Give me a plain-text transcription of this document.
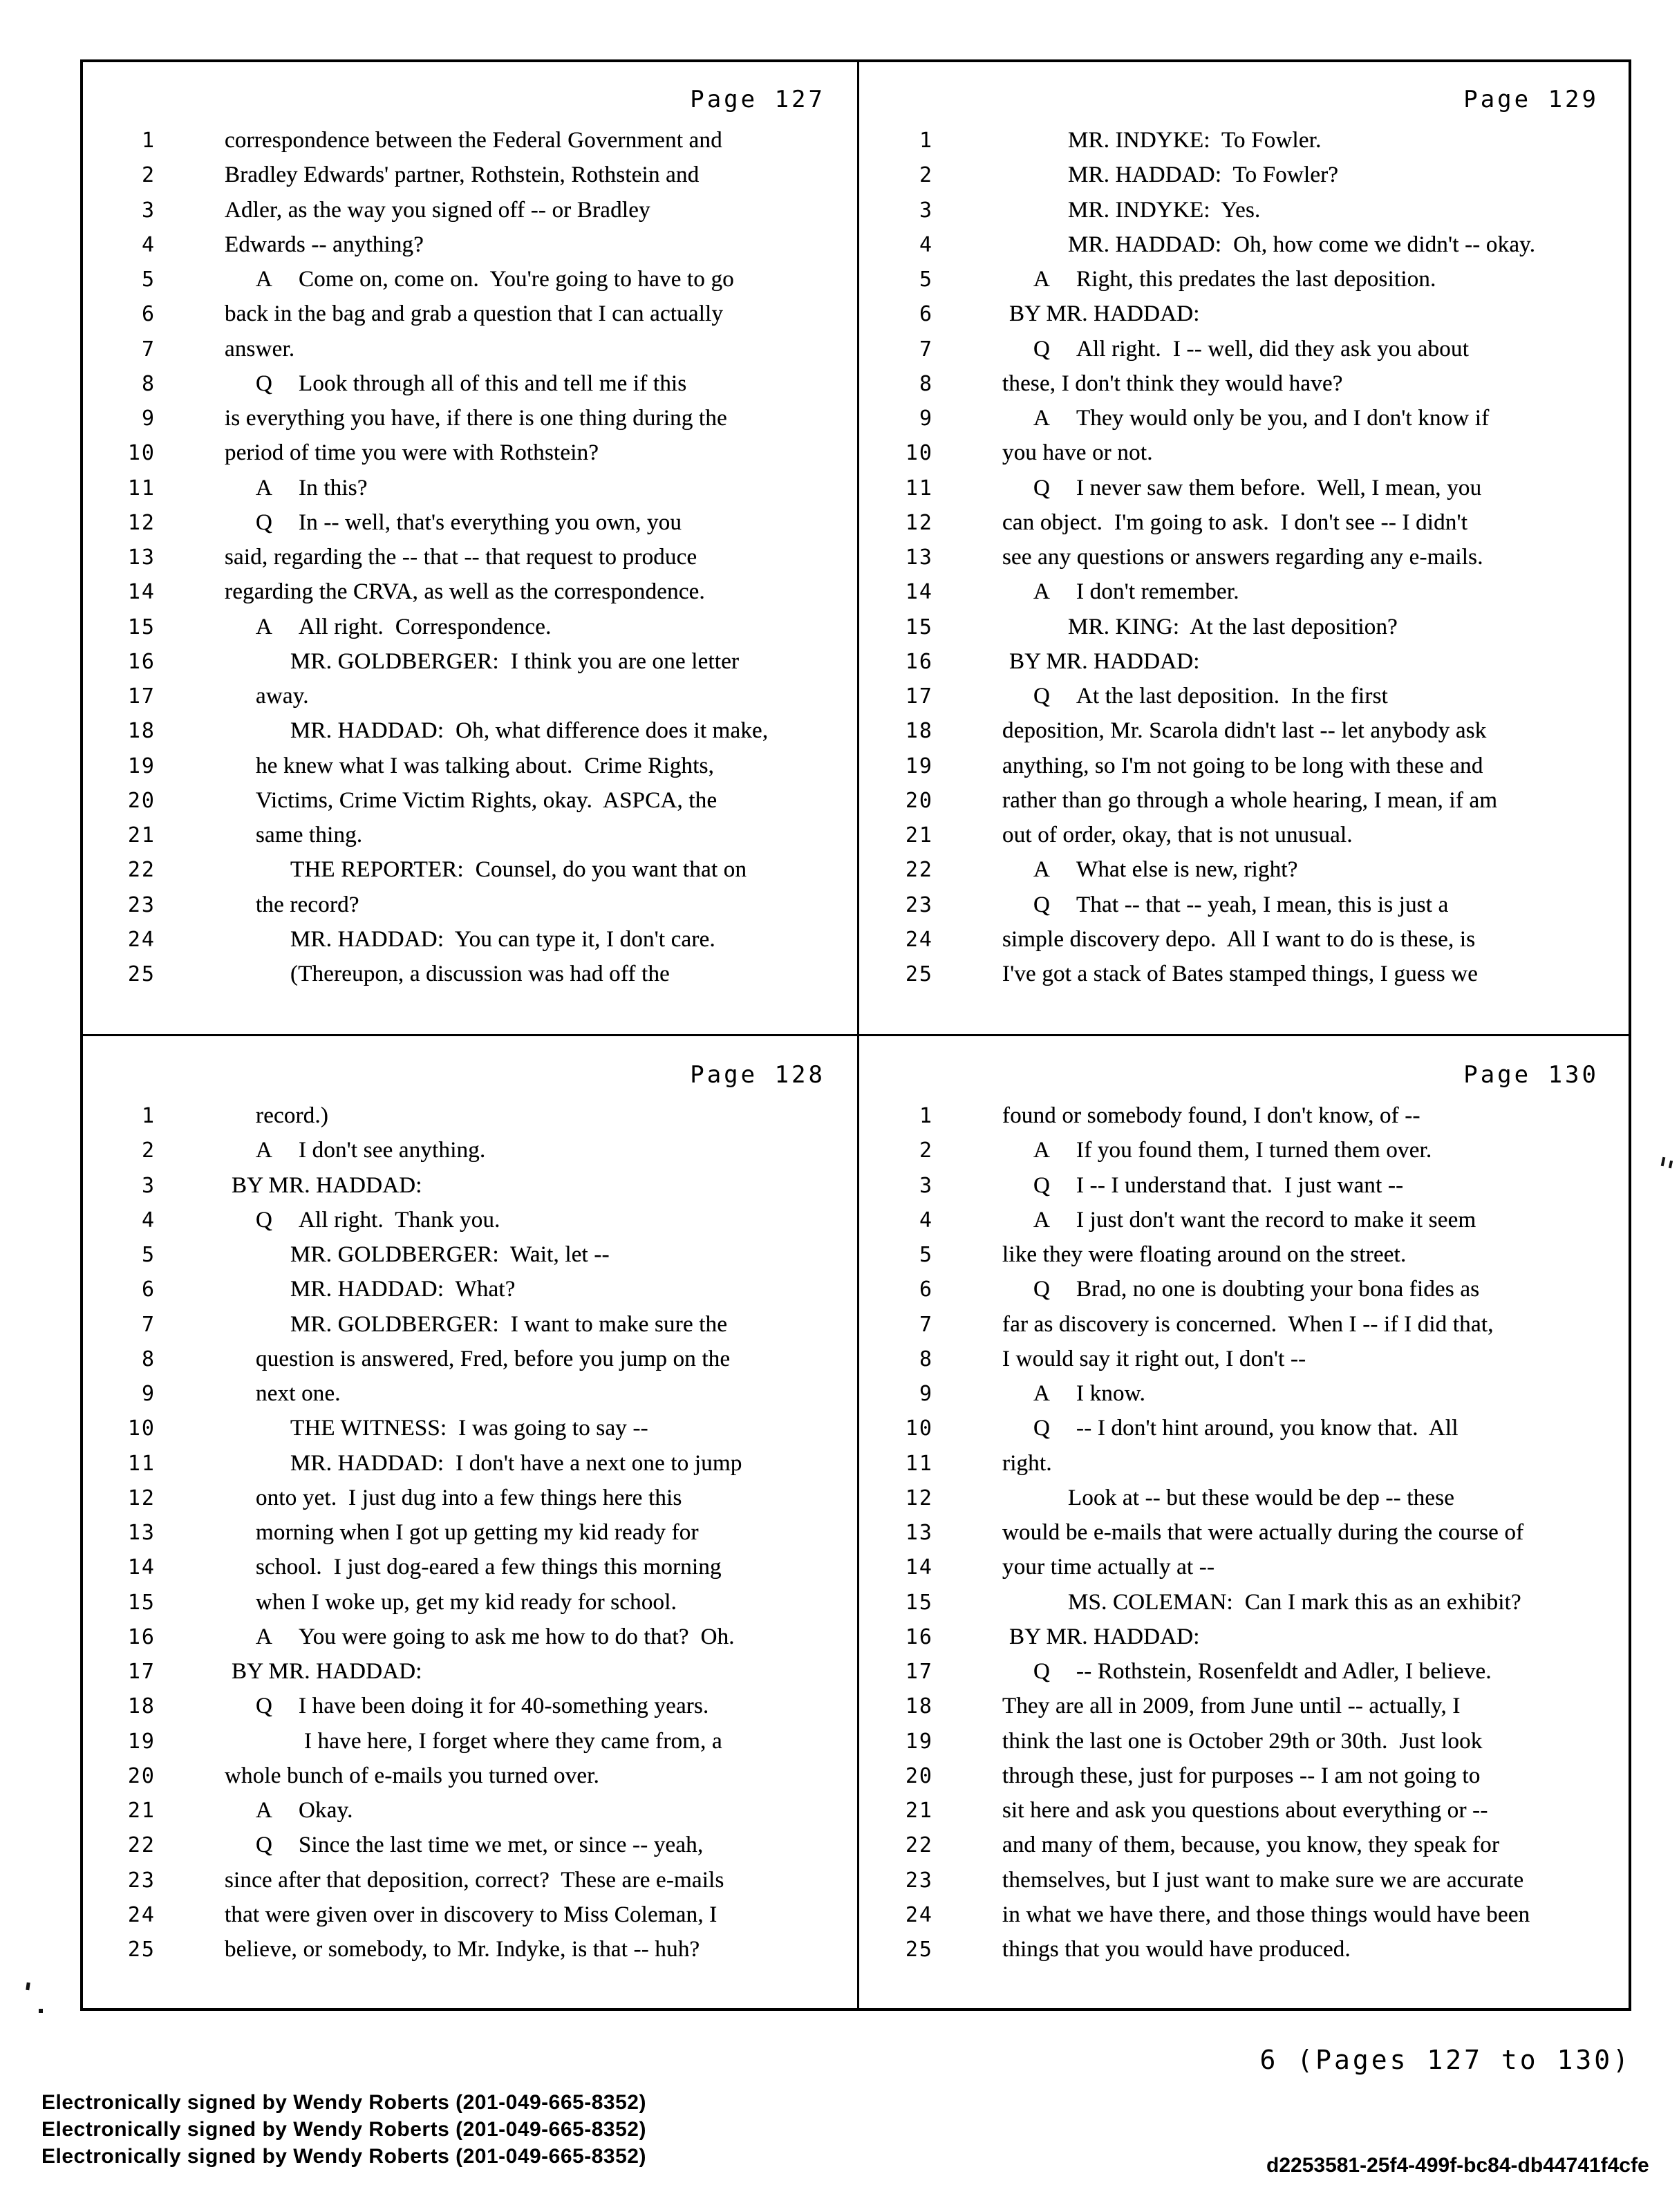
Page 127
1	correspondence between the Federal Government and
2	Bradley Edwards' partner, Rothstein, Rothstein and
3	Adler, as the way you signed off -- or Bradley
4	Edwards -- anything?
5	A Come on, come on.  You're going to have to go
6	back in the bag and grab a question that I can actually
7	answer.
8	Q Look through all of this and tell me if this
9	is everything you have, if there is one thing during the
10	period of time you were with Rothstein?
11	A In this?
12	Q In -- well, that's everything you own, you
13	said, regarding the -- that -- that request to produce
14	regarding the CRVA, as well as the correspondence.
15	A All right.  Correspondence.
16	MR. GOLDBERGER:  I think you are one letter
17	away.
18	MR. HADDAD:  Oh, what difference does it make,
19	he knew what I was talking about.  Crime Rights,
20	Victims, Crime Victim Rights, okay.  ASPCA, the
21	same thing.
22	THE REPORTER:  Counsel, do you want that on
23	the record?
24	MR. HADDAD:  You can type it, I don't care.
25	(Thereupon, a discussion was had off the
Page 129
1	MR. INDYKE:  To Fowler.
2	MR. HADDAD:  To Fowler?
3	MR. INDYKE:  Yes.
4	MR. HADDAD:  Oh, how come we didn't -- okay.
5	A Right, this predates the last deposition.
6	BY MR. HADDAD:
7	Q All right.  I -- well, did they ask you about
8	these, I don't think they would have?
9	A They would only be you, and I don't know if
10	you have or not.
11	Q I never saw them before.  Well, I mean, you
12	can object.  I'm going to ask.  I don't see -- I didn't
13	see any questions or answers regarding any e-mails.
14	A I don't remember.
15	MR. KING:  At the last deposition?
16	BY MR. HADDAD:
17	Q At the last deposition.  In the first
18	deposition, Mr. Scarola didn't last -- let anybody ask
19	anything, so I'm not going to be long with these and
20	rather than go through a whole hearing, I mean, if am
21	out of order, okay, that is not unusual.
22	A What else is new, right?
23	Q That -- that -- yeah, I mean, this is just a
24	simple discovery depo.  All I want to do is these, is
25	I've got a stack of Bates stamped things, I guess we
Page 128
1	record.)
2	A I don't see anything.
3	BY MR. HADDAD:
4	Q All right.  Thank you.
5	MR. GOLDBERGER:  Wait, let --
6	MR. HADDAD:  What?
7	MR. GOLDBERGER:  I want to make sure the
8	question is answered, Fred, before you jump on the
9	next one.
10	THE WITNESS:  I was going to say --
11	MR. HADDAD:  I don't have a next one to jump
12	onto yet.  I just dug into a few things here this
13	morning when I got up getting my kid ready for
14	school.  I just dog-eared a few things this morning
15	when I woke up, get my kid ready for school.
16	A You were going to ask me how to do that?  Oh.
17	BY MR. HADDAD:
18	Q I have been doing it for 40-something years.
19	I have here, I forget where they came from, a
20	whole bunch of e-mails you turned over.
21	A Okay.
22	Q Since the last time we met, or since -- yeah,
23	since after that deposition, correct?  These are e-mails
24	that were given over in discovery to Miss Coleman, I
25	believe, or somebody, to Mr. Indyke, is that -- huh?
Page 130
1	found or somebody found, I don't know, of --
2	A If you found them, I turned them over.
3	Q I -- I understand that.  I just want --
4	A I just don't want the record to make it seem
5	like they were floating around on the street.
6	Q Brad, no one is doubting your bona fides as
7	far as discovery is concerned.  When I -- if I did that,
8	I would say it right out, I don't --
9	A I know.
10	Q -- I don't hint around, you know that.  All
11	right.
12	Look at -- but these would be dep -- these
13	would be e-mails that were actually during the course of
14	your time actually at --
15	MS. COLEMAN:  Can I mark this as an exhibit?
16	BY MR. HADDAD:
17	Q -- Rothstein, Rosenfeldt and Adler, I believe.
18	They are all in 2009, from June until -- actually, I
19	think the last one is October 29th or 30th.  Just look
20	through these, just for purposes -- I am not going to
21	sit here and ask you questions about everything or --
22	and many of them, because, you know, they speak for
23	themselves, but I just want to make sure we are accurate
24	in what we have there, and those things would have been
25	things that you would have produced.
6 (Pages 127 to 130)
Electronically signed by Wendy Roberts (201-049-665-8352)
Electronically signed by Wendy Roberts (201-049-665-8352)
Electronically signed by Wendy Roberts (201-049-665-8352)	d2253581-25f4-499f-bc84-db44741f4cfe
